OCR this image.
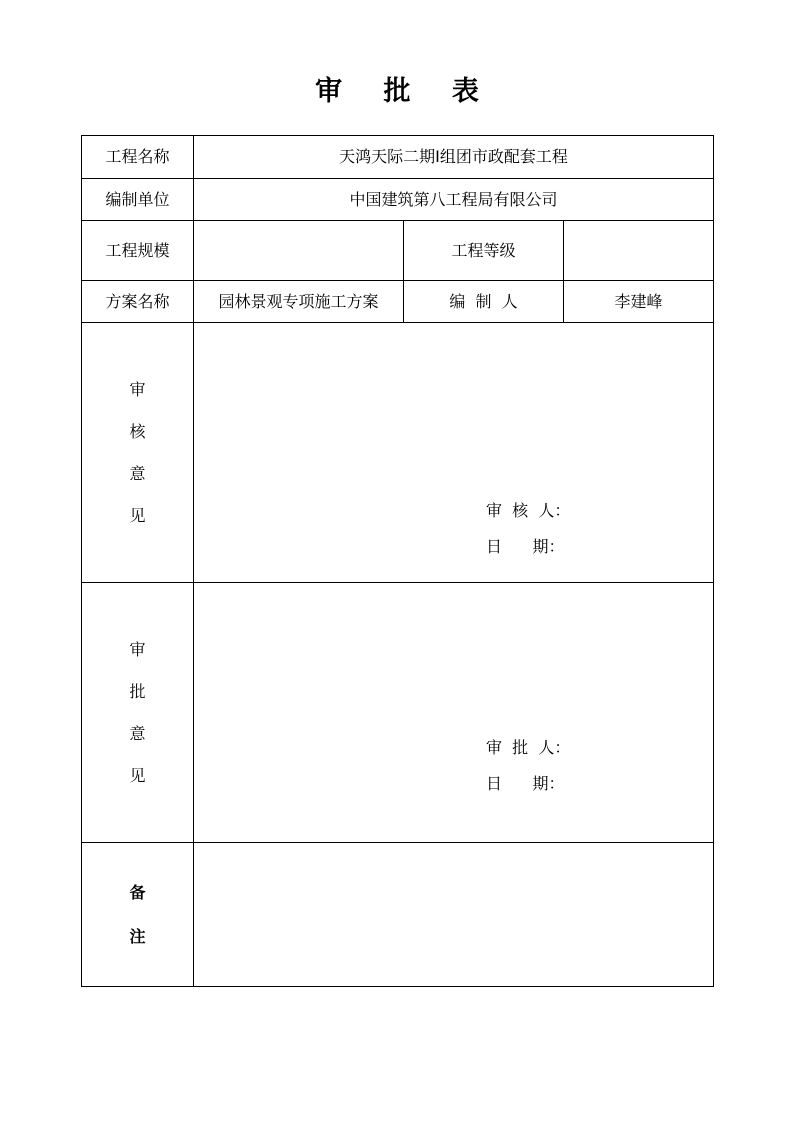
审 批 表
工程名称	天鸿天际二期Ⅰ组团市政配套工程		
编制单位	中国建筑第八工程局有限公司		
工程规模		工程等级	
方案名称	园林景观专项施工方案	编  制  人	李建峰

审
核
意
见	审  核  人：
日      期：		

审
批
意
见	审  批  人：
日      期：		

备
注			
